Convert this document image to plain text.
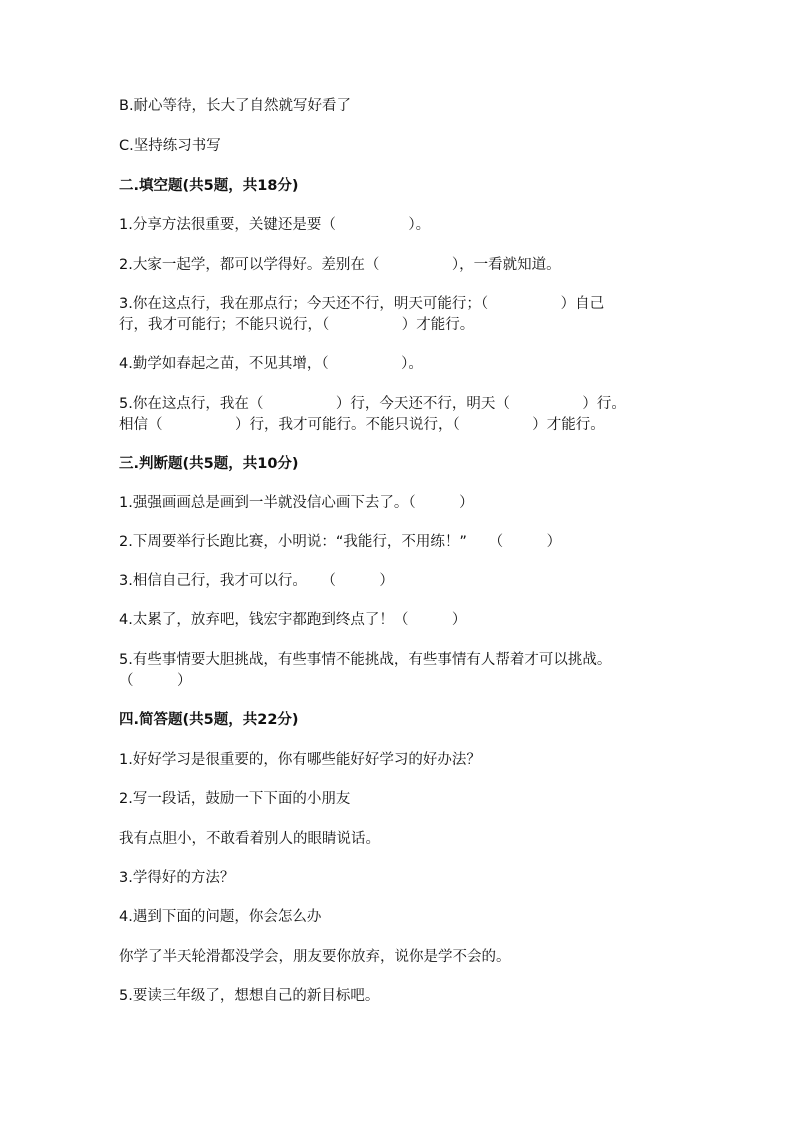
B.耐心等待，长大了自然就写好看了
C.坚持练习书写
二.填空题(共5题，共18分)
1.分享方法很重要，关键还是要（　　　　　）。
2.大家一起学，都可以学得好。差别在（　　　　　），一看就知道。
3.你在这点行，我在那点行；今天还不行，明天可能行；（　　　　　）自己
行，我才可能行；不能只说行，（　　　　　）才能行。
4.勤学如春起之苗，不见其增，（　　　　　）。
5.你在这点行，我在（　　　　　）行，今天还不行，明天（　　　　　）行。
相信（　　　　　）行，我才可能行。不能只说行，（　　　　　）才能行。
三.判断题(共5题，共10分)
1.强强画画总是画到一半就没信心画下去了。（　　　）
2.下周要举行长跑比赛，小明说：“我能行，不用练！”　　（　　　）
3.相信自己行，我才可以行。　　（　　　）
4.太累了，放弃吧，钱宏宇都跑到终点了！（　　　）
5.有些事情要大胆挑战，有些事情不能挑战，有些事情有人帮着才可以挑战。
（　　　）
四.简答题(共5题，共22分)
1.好好学习是很重要的，你有哪些能好好学习的好办法？
2.写一段话，鼓励一下下面的小朋友
我有点胆小，不敢看着别人的眼睛说话。
3.学得好的方法？
4.遇到下面的问题，你会怎么办
你学了半天轮滑都没学会，朋友要你放弃，说你是学不会的。
5.要读三年级了，想想自己的新目标吧。
